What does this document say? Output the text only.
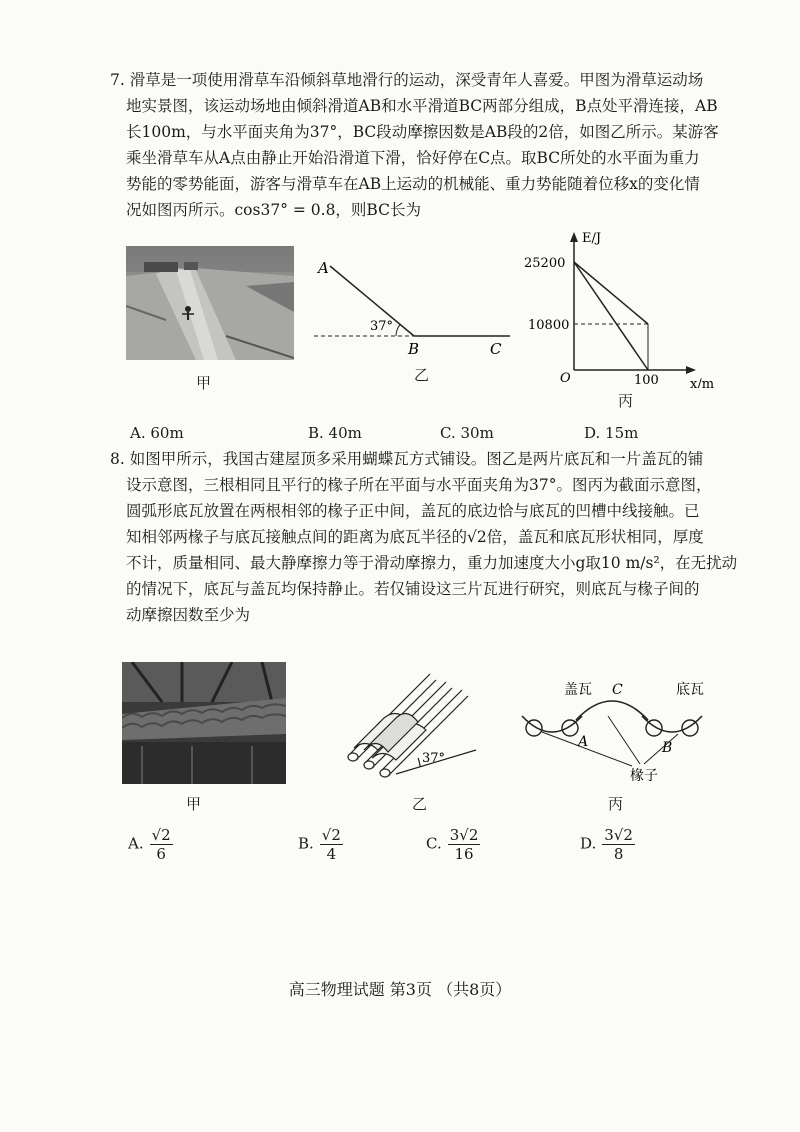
7. 滑草是一项使用滑草车沿倾斜草地滑行的运动，深受青年人喜爱。甲图为滑草运动场
地实景图，该运动场地由倾斜滑道AB和水平滑道BC两部分组成，B点处平滑连接，AB
长100m，与水平面夹角为37°，BC段动摩擦因数是AB段的2倍，如图乙所示。某游客
乘坐滑草车从A点由静止开始沿滑道下滑，恰好停在C点。取BC所处的水平面为重力
势能的零势能面，游客与滑草车在AB上运动的机械能、重力势能随着位移x的变化情
况如图丙所示。cos37° = 0.8，则BC长为
甲
A
B	C
37°
乙
E/J
25200
10800
O	100 x/m
丙
A. 60m	B. 40m	C. 30m	D. 15m
8. 如图甲所示，我国古建屋顶多采用蝴蝶瓦方式铺设。图乙是两片底瓦和一片盖瓦的铺
设示意图，三根相同且平行的椽子所在平面与水平面夹角为37°。图丙为截面示意图，
圆弧形底瓦放置在两根相邻的椽子正中间，盖瓦的底边恰与底瓦的凹槽中线接触。已
知相邻两椽子与底瓦接触点间的距离为底瓦半径的√2倍，盖瓦和底瓦形状相同，厚度
不计，质量相同、最大静摩擦力等于滑动摩擦力，重力加速度大小g取10 m/s²，在无扰动
的情况下，底瓦与盖瓦均保持静止。若仅铺设这三片瓦进行研究，则底瓦与椽子间的
动摩擦因数至少为
甲
37°
乙
盖瓦 C	底瓦
A	B
椽子
丙
A. $\frac{√2}{6}$	B. $\frac{√2}{4}$	C. $\frac{3√2}{16}$	D. $\frac{3√2}{8}$
高三物理试题 第3页 （共8页）
